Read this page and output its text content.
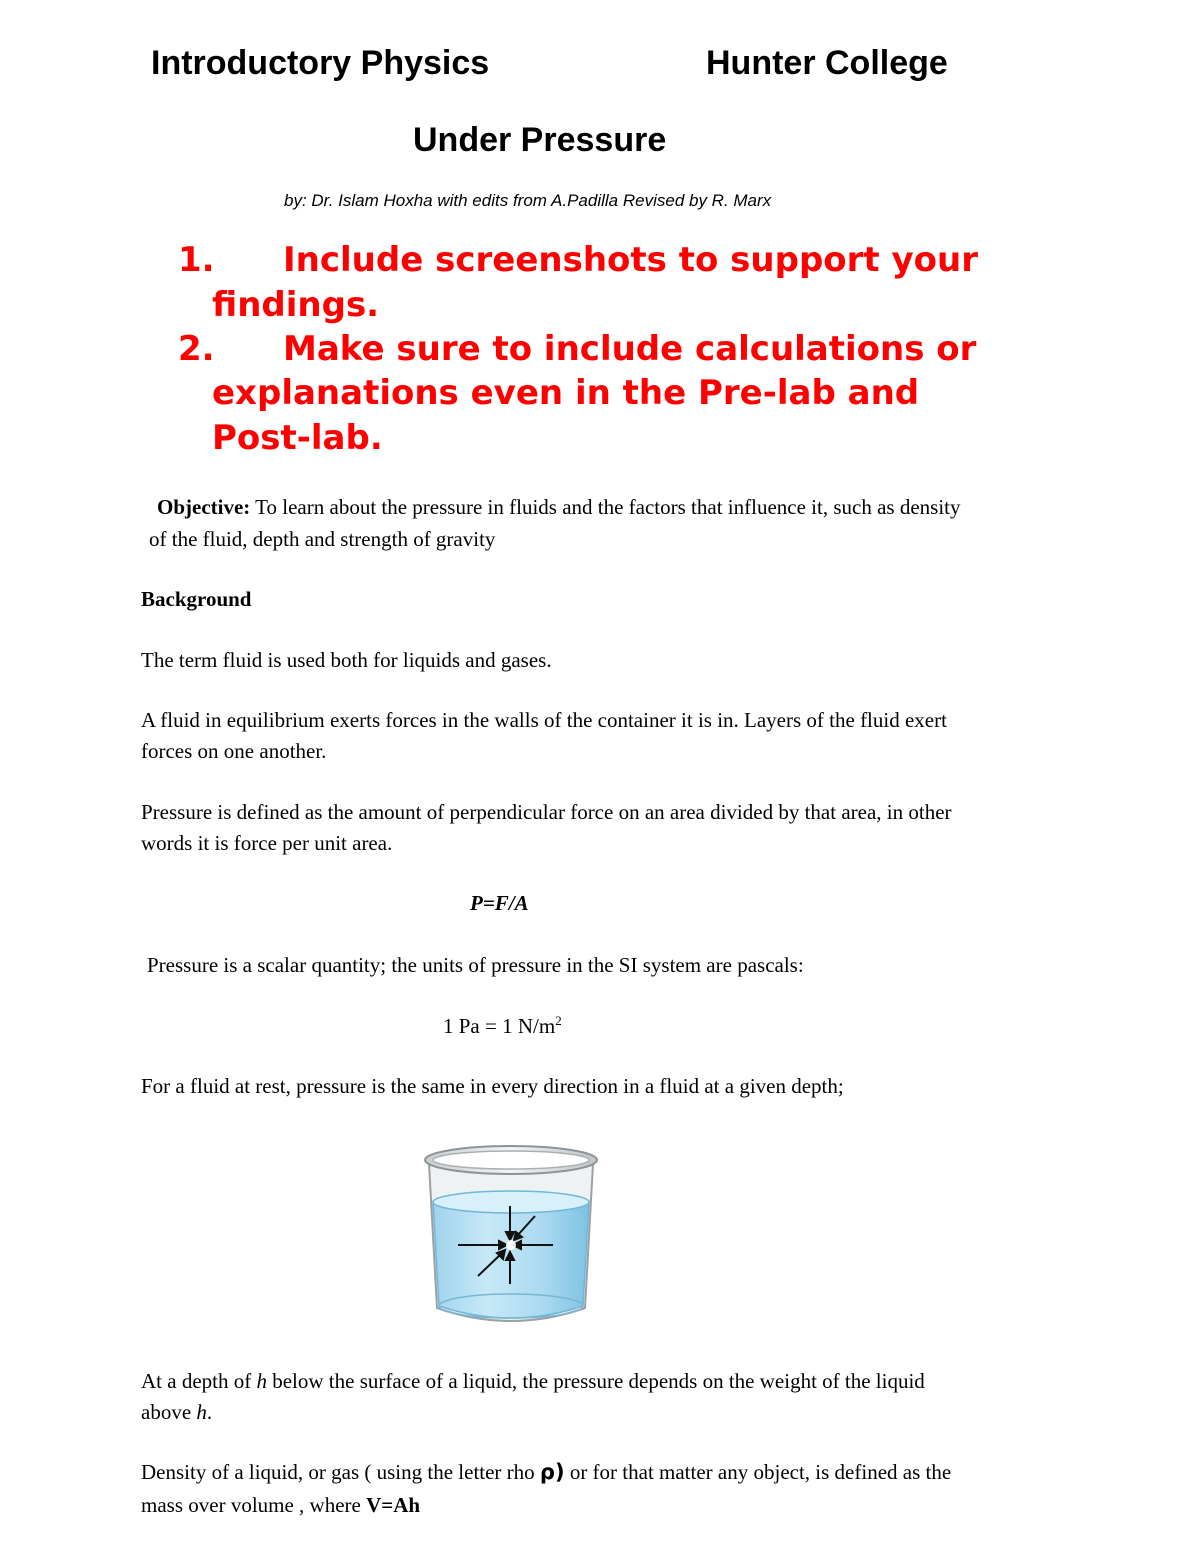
Introductory Physics	Hunter College
Under Pressure
by: Dr. Islam Hoxha with edits from A.Padilla Revised by R. Marx
1. Include screenshots to support your
findings.
2. Make sure to include calculations or
explanations even in the Pre-lab and
Post-lab.
Objective: To learn about the pressure in fluids and the factors that influence it, such as density
of the fluid, depth and strength of gravity
Background
The term fluid is used both for liquids and gases.
A fluid in equilibrium exerts forces in the walls of the container it is in. Layers of the fluid exert
forces on one another.
Pressure is defined as the amount of perpendicular force on an area divided by that area, in other
words it is force per unit area.
P=F/A
Pressure is a scalar quantity; the units of pressure in the SI system are pascals:
1 Pa = 1 $N/m^2$
For a fluid at rest, pressure is the same in every direction in a fluid at a given depth;
At a depth of h below the surface of a liquid, the pressure depends on the weight of the liquid
above h.
Density of a liquid, or gas ( using the letter rho ρ) or for that matter any object, is defined as the
mass over volume , where V=Ah
